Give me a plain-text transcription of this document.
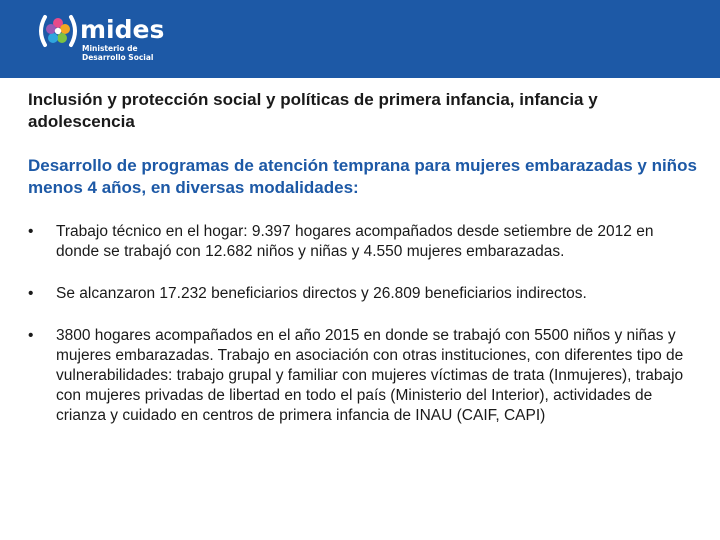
mides
Ministerio de
Desarrollo Social
Inclusión y protección social y políticas de primera infancia, infancia y adolescencia
Desarrollo de programas de atención temprana para mujeres embarazadas y niños menos 4 años, en diversas modalidades:
• Trabajo técnico en el hogar: 9.397 hogares acompañados desde setiembre de 2012 en donde se trabajó con 12.682 niños y niñas y 4.550 mujeres embarazadas.
• Se alcanzaron 17.232 beneficiarios directos y 26.809 beneficiarios indirectos.
• 3800 hogares acompañados en el año 2015 en donde se trabajó con 5500 niños y niñas y mujeres embarazadas. Trabajo en asociación con otras instituciones, con diferentes tipo de vulnerabilidades: trabajo grupal y familiar con mujeres víctimas de trata (Inmujeres), trabajo con mujeres privadas de libertad en todo el país (Ministerio del Interior), actividades de crianza y cuidado en centros de primera infancia de INAU (CAIF, CAPI)
